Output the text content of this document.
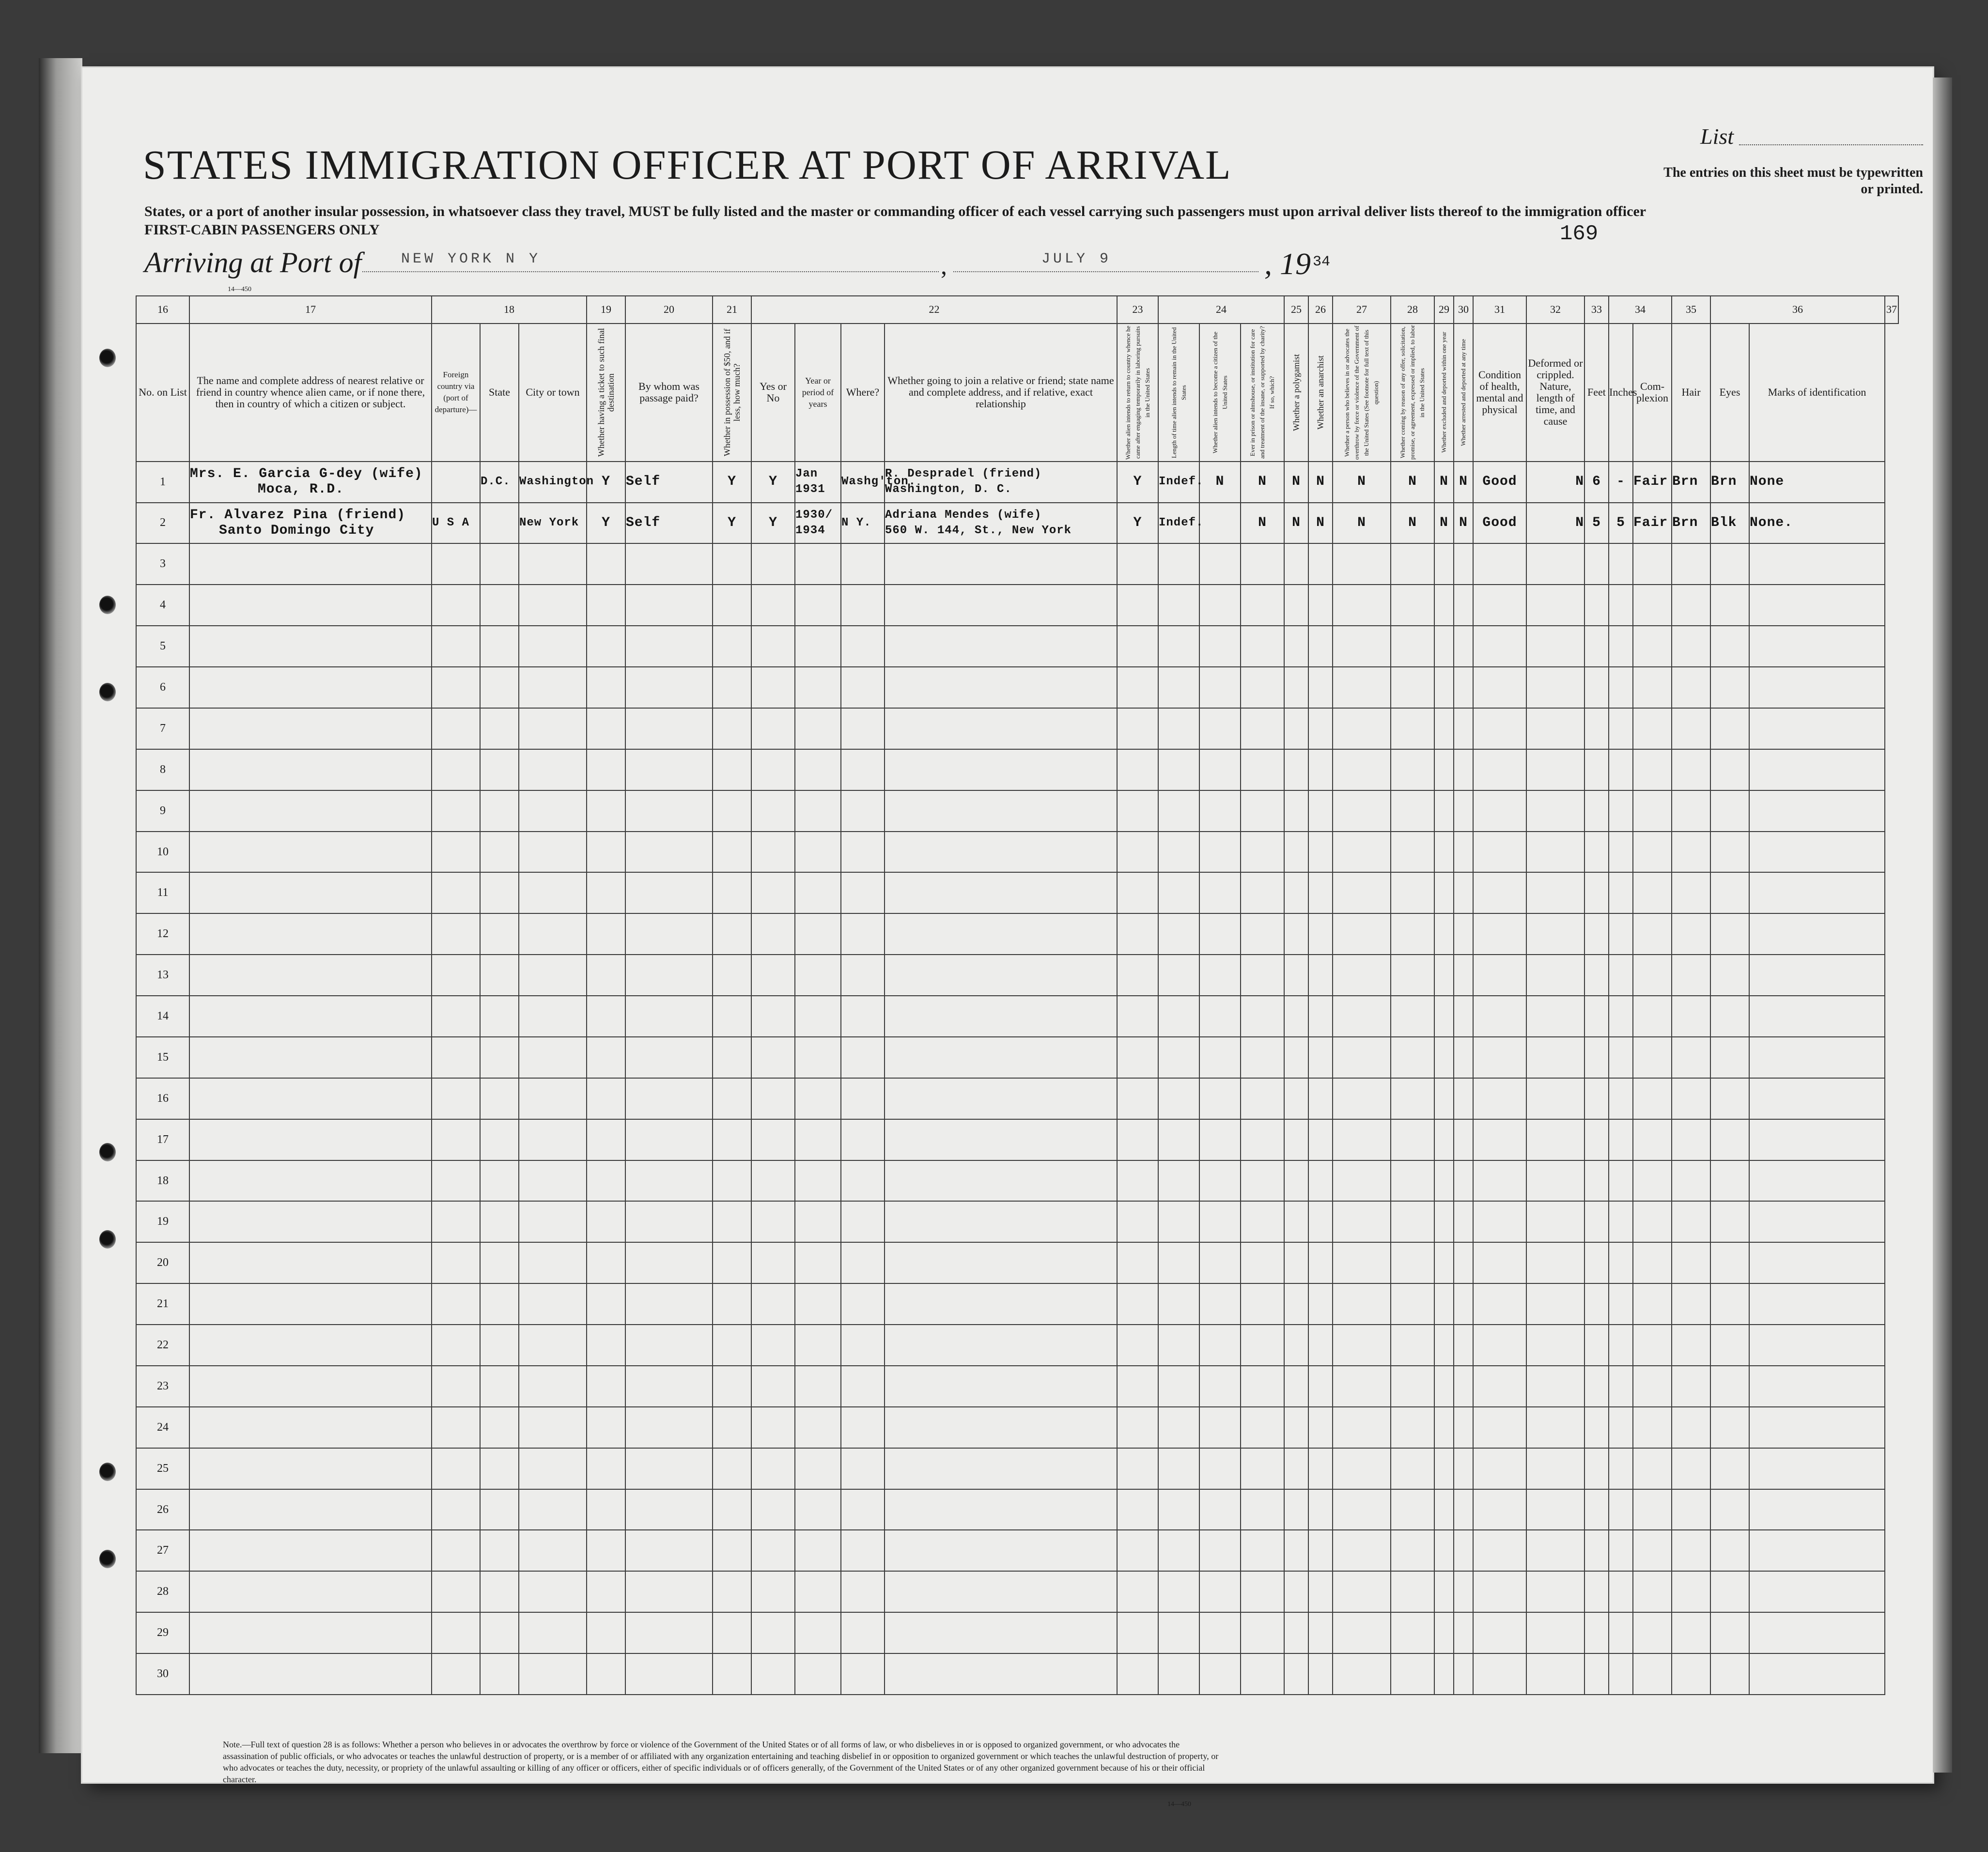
STATES IMMIGRATION OFFICER AT PORT OF ARRIVAL
States, or a port of another insular possession, in whatsoever class they travel, MUST be fully listed and the master or commanding officer of each vessel carrying such passengers must upon arrival deliver lists thereof to the immigration officer
FIRST-CABIN PASSENGERS ONLY
List
The entries on this sheet must be typewritten or printed.
169
Arriving at Port of	NEW YORK N Y	,	JULY 9	, 19 34
14—450
16	17	18			19	20	21	22				23	24			25	26	27	28	29	30	31	32	33	34		35	36		37
No. on List	The name and complete address of nearest relative or friend in country whence alien came, or if none there, then in country of which a citizen or subject.	Foreign country via (port of departure)—	State	City or town	Whether having a ticket to such final destination	By whom was passage paid?	Whether in possession of $50, and if less, how much?	Yes or No	Year or period of years	Where?	Whether going to join a relative or friend; state name and complete address, and if relative, exact relationship	Whether alien intends to return to country whence he came after engaging temporarily in laboring pursuits in the United States	Length of time alien intends to remain in the United States	Whether alien intends to become a citizen of the United States	Ever in prison or almshouse, or institution for care and treatment of the insane, or supported by charity? If so, which?	Whether a polygamist	Whether an anarchist	Whether a person who believes in or advocates the overthrow by force or violence of the Government of the United States (See footnote for full text of this question)	Whether coming by reason of any offer, solicitation, promise, or agreement, expressed or implied, to labor in the United States	Whether excluded and deported within one year	Whether arrested and deported at any time	Condition of health, mental and physical	Deformed or crippled. Nature, length of time, and cause	Feet	Inches	Com- plexion	Hair	Eyes	Marks of identification	
1	Mrs. E. Garcia G-dey (wife)
Moca, R.D.		D.C.	Washington	Y	Self	Y	Y	Jan
1931	Washg'ton.	R. Despradel (friend)
Washington, D. C.	Y	Indef.	N	N	N	N	N	N	N	N	Good	N	6	-	Fair	Brn	Brn	None	

2	Fr. Alvarez Pina (friend)
Santo Domingo City	U S A		New York	Y	Self	Y	Y	1930/
1934	N Y.	Adriana Mendes (wife)
560 W. 144, St., New York	Y	Indef.		N	N	N	N	N	N	N	Good	N	5	5	Fair	Brn	Blk	None.	

3																														
4																														
5																														
6																														
7																														
8																														
9																														
10																														
11																														
12																														
13																														
14																														
15																														
16																														
17																														
18																														
19																														
20																														
21																														
22																														
23																														
24																														
25																														
26																														
27																														
28																														
29																														
30																														
Note.—Full text of question 28 is as follows: Whether a person who believes in or advocates the overthrow by force or violence of the Government of the United States or of all forms of law, or who disbelieves in or is opposed to organized government, or who advocates the assassination of public officials, or who advocates or teaches the unlawful destruction of property, or is a member of or affiliated with any organization entertaining and teaching disbelief in or opposition to organized government or which teaches the unlawful destruction of property, or who advocates or teaches the duty, necessity, or propriety of the unlawful assaulting or killing of any officer or officers, either of specific individuals or of officers generally, of the Government of the United States or of any other organized government because of his or their official character.
14—450
